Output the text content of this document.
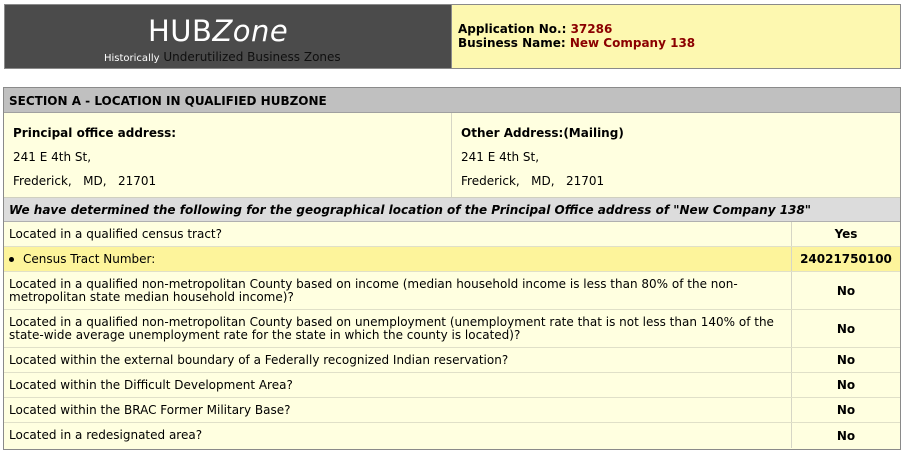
HUBZone
Historically Underutilized Business Zones
Application No.: 37286
Business Name: New Company 138
SECTION A - LOCATION IN QUALIFIED HUBZONE
Principal office address:
241 E 4th St,
Frederick,   MD,   21701
Other Address:(Mailing)
241 E 4th St,
Frederick,   MD,   21701
We have determined the following for the geographical location of the Principal Office address of "New Company 138"
Located in a qualified census tract?	Yes
Census Tract Number:	24021750100
Located in a qualified non-metropolitan County based on income (median household income is less than 80% of the non-metropolitan state median household income)?	No
Located in a qualified non-metropolitan County based on unemployment (unemployment rate that is not less than 140% of the state-wide average unemployment rate for the state in which the county is located)?	No
Located within the external boundary of a Federally recognized Indian reservation?	No
Located within the Difficult Development Area?	No
Located within the BRAC Former Military Base?	No
Located in a redesignated area?	No
